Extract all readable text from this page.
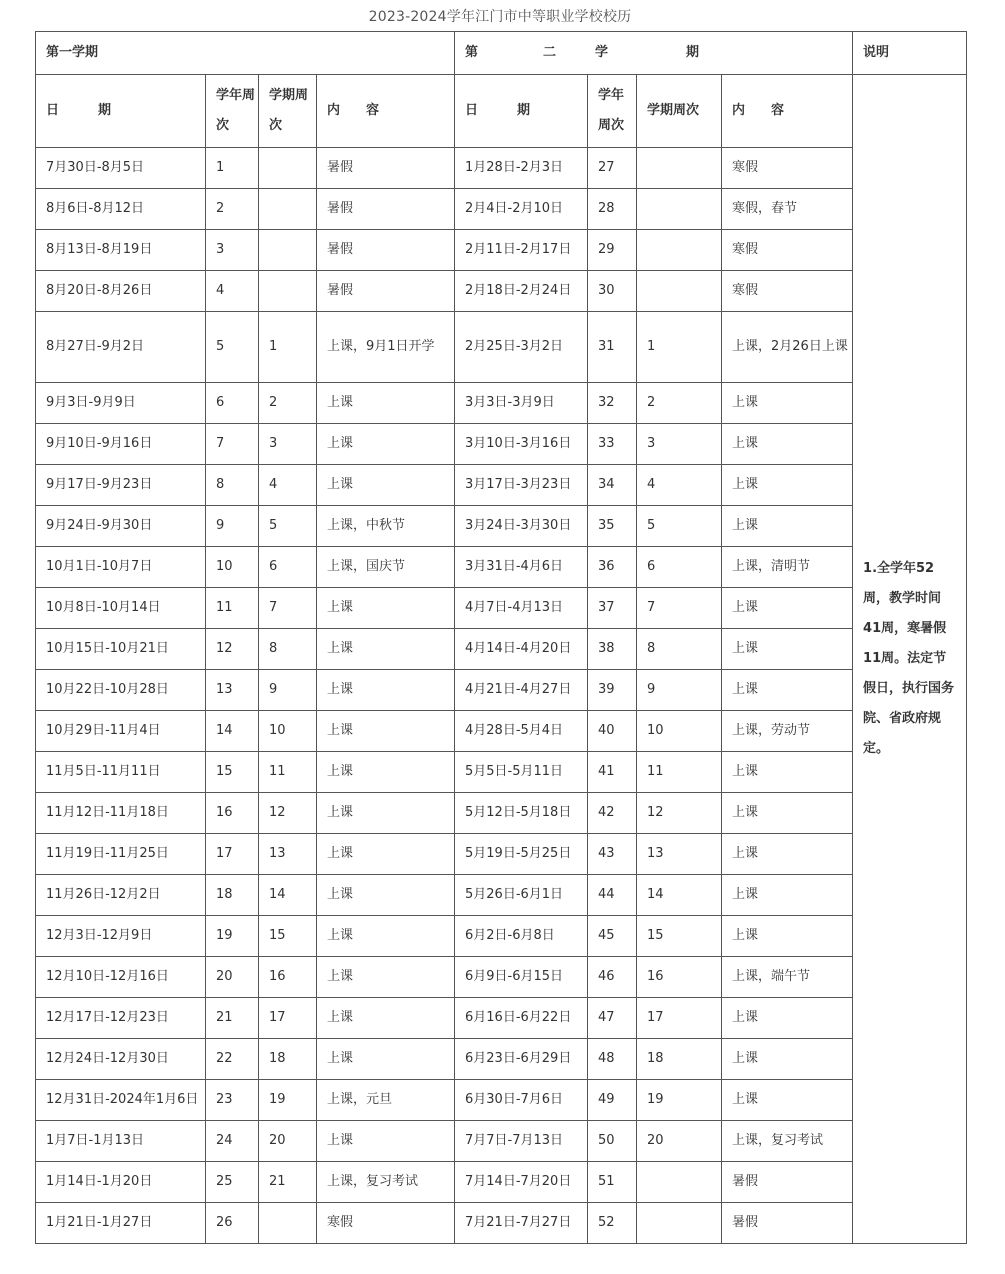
2023-2024学年江门市中等职业学校校历
第一学期				第　　　　　二　　　学　　　　　　期				说明
日　　　期	学年周次	学期周次	内　　容	日　　　期	学年周次	学期周次	内　　容	1.全学年52周，教学时间41周，寒暑假11周。法定节假日，执行国务院、省政府规定。
7月30日-8月5日	1		暑假	1月28日-2月3日	27		寒假	
8月6日-8月12日	2		暑假	2月4日-2月10日	28		寒假，春节	
8月13日-8月19日	3		暑假	2月11日-2月17日	29		寒假	
8月20日-8月26日	4		暑假	2月18日-2月24日	30		寒假	
8月27日-9月2日	5	1	上课，9月1日开学	2月25日-3月2日	31	1	上课，2月26日上课	
9月3日-9月9日	6	2	上课	3月3日-3月9日	32	2	上课	
9月10日-9月16日	7	3	上课	3月10日-3月16日	33	3	上课	
9月17日-9月23日	8	4	上课	3月17日-3月23日	34	4	上课	
9月24日-9月30日	9	5	上课，中秋节	3月24日-3月30日	35	5	上课	
10月1日-10月7日	10	6	上课，国庆节	3月31日-4月6日	36	6	上课，清明节	
10月8日-10月14日	11	7	上课	4月7日-4月13日	37	7	上课	
10月15日-10月21日	12	8	上课	4月14日-4月20日	38	8	上课	
10月22日-10月28日	13	9	上课	4月21日-4月27日	39	9	上课	
10月29日-11月4日	14	10	上课	4月28日-5月4日	40	10	上课，劳动节	
11月5日-11月11日	15	11	上课	5月5日-5月11日	41	11	上课	
11月12日-11月18日	16	12	上课	5月12日-5月18日	42	12	上课	
11月19日-11月25日	17	13	上课	5月19日-5月25日	43	13	上课	
11月26日-12月2日	18	14	上课	5月26日-6月1日	44	14	上课	
12月3日-12月9日	19	15	上课	6月2日-6月8日	45	15	上课	
12月10日-12月16日	20	16	上课	6月9日-6月15日	46	16	上课，端午节	
12月17日-12月23日	21	17	上课	6月16日-6月22日	47	17	上课	
12月24日-12月30日	22	18	上课	6月23日-6月29日	48	18	上课	
12月31日-2024年1月6日	23	19	上课，元旦	6月30日-7月6日	49	19	上课	
1月7日-1月13日	24	20	上课	7月7日-7月13日	50	20	上课，复习考试	
1月14日-1月20日	25	21	上课，复习考试	7月14日-7月20日	51		暑假	
1月21日-1月27日	26		寒假	7月21日-7月27日	52		暑假	
